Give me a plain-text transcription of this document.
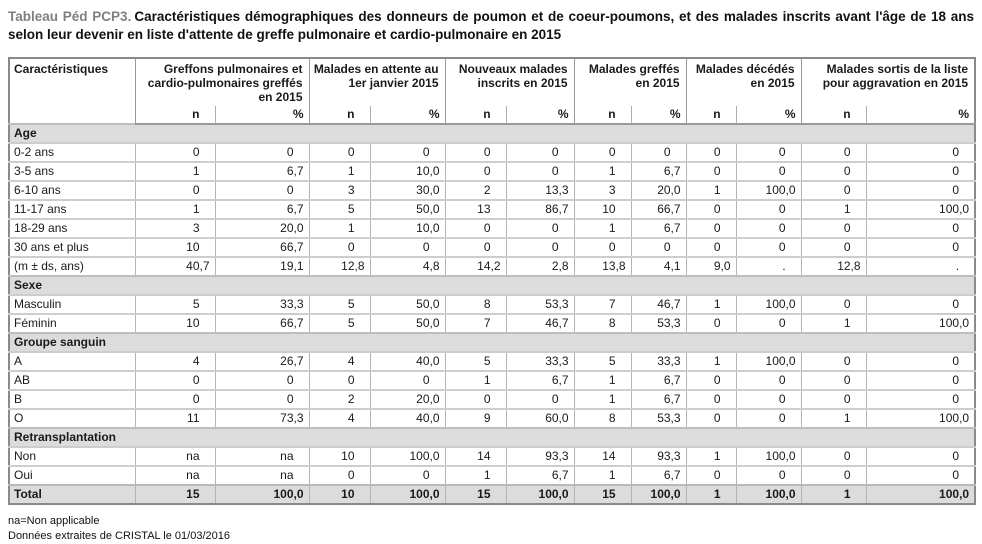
Tableau Péd PCP3. Caractéristiques démographiques des donneurs de poumon et de coeur-poumons, et des malades inscrits avant l'âge de 18 ans selon leur devenir en liste d'attente de greffe pulmonaire et cardio-pulmonaire en 2015

Caractéristiques	Greffons pulmonaires et cardio-pulmonaires greffés en 2015		Malades en attente au 1er janvier 2015		Nouveaux malades inscrits en 2015		Malades greffés en 2015		Malades décédés en 2015		Malades sortis de la liste pour aggravation en 2015	
	n	%	n	%	n	%	n	%	n	%	n	%
Age												
0-2 ans	0	0	0	0	0	0	0	0	0	0	0	0
3-5 ans	1	6,7	1	10,0	0	0	1	6,7	0	0	0	0
6-10 ans	0	0	3	30,0	2	13,3	3	20,0	1	100,0	0	0
11-17 ans	1	6,7	5	50,0	13	86,7	10	66,7	0	0	1	100,0
18-29 ans	3	20,0	1	10,0	0	0	1	6,7	0	0	0	0
30 ans et plus	10	66,7	0	0	0	0	0	0	0	0	0	0
(m ± ds, ans)	40,7	19,1	12,8	4,8	14,2	2,8	13,8	4,1	9,0	.	12,8	.
Sexe												
Masculin	5	33,3	5	50,0	8	53,3	7	46,7	1	100,0	0	0
Féminin	10	66,7	5	50,0	7	46,7	8	53,3	0	0	1	100,0
Groupe sanguin												
A	4	26,7	4	40,0	5	33,3	5	33,3	1	100,0	0	0
AB	0	0	0	0	1	6,7	1	6,7	0	0	0	0
B	0	0	2	20,0	0	0	1	6,7	0	0	0	0
O	11	73,3	4	40,0	9	60,0	8	53,3	0	0	1	100,0
Retransplantation												
Non	na	na	10	100,0	14	93,3	14	93,3	1	100,0	0	0
Oui	na	na	0	0	1	6,7	1	6,7	0	0	0	0
Total	15	100,0	10	100,0	15	100,0	15	100,0	1	100,0	1	100,0

na=Non applicable

Données extraites de CRISTAL le 01/03/2016
